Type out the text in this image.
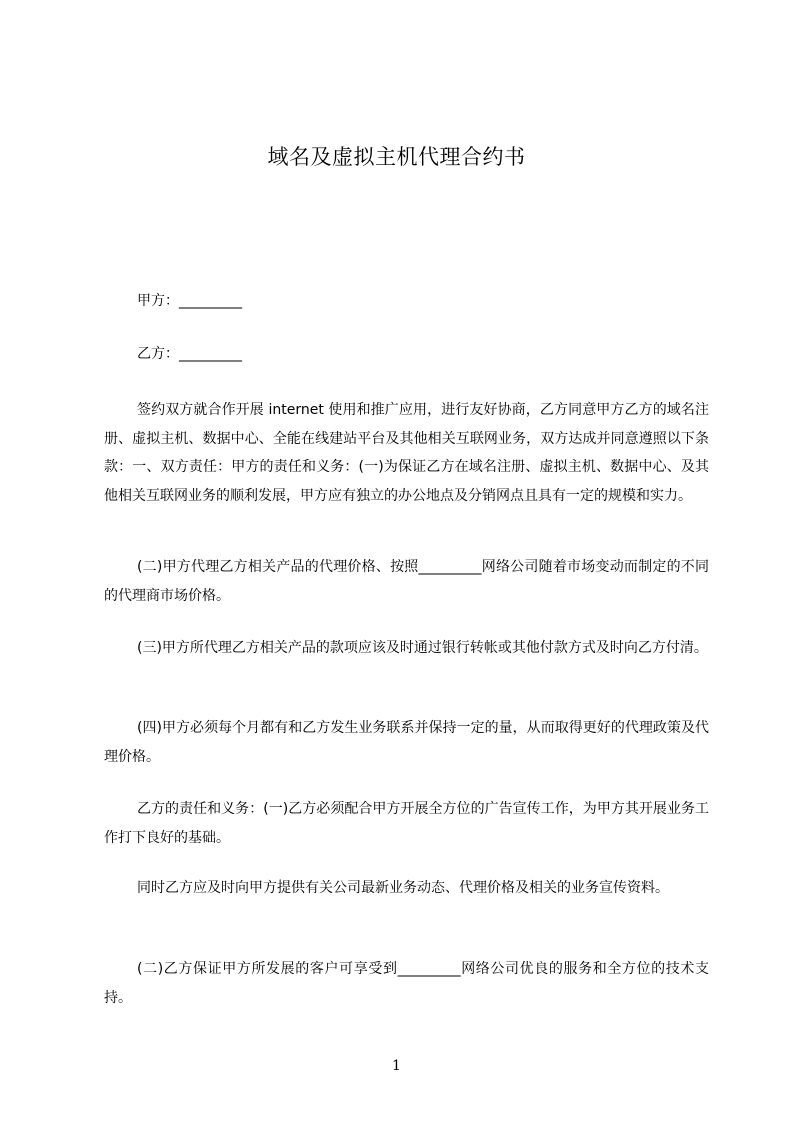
域名及虚拟主机代理合约书
甲方：_________
乙方：_________
签约双方就合作开展 internet 使用和推广应用，进行友好协商，乙方同意甲方乙方的域名注册、虚拟主机、数据中心、全能在线建站平台及其他相关互联网业务，双方达成并同意遵照以下条款：一、双方责任：甲方的责任和义务：(一)为保证乙方在域名注册、虚拟主机、数据中心、及其他相关互联网业务的顺利发展，甲方应有独立的办公地点及分销网点且具有一定的规模和实力。
(二)甲方代理乙方相关产品的代理价格、按照_________网络公司随着市场变动而制定的不同的代理商市场价格。
(三)甲方所代理乙方相关产品的款项应该及时通过银行转帐或其他付款方式及时向乙方付清。
(四)甲方必须每个月都有和乙方发生业务联系并保持一定的量，从而取得更好的代理政策及代理价格。
乙方的责任和义务：(一)乙方必须配合甲方开展全方位的广告宣传工作，为甲方其开展业务工作打下良好的基础。
同时乙方应及时向甲方提供有关公司最新业务动态、代理价格及相关的业务宣传资料。
(二)乙方保证甲方所发展的客户可享受到_________网络公司优良的服务和全方位的技术支持。
1
